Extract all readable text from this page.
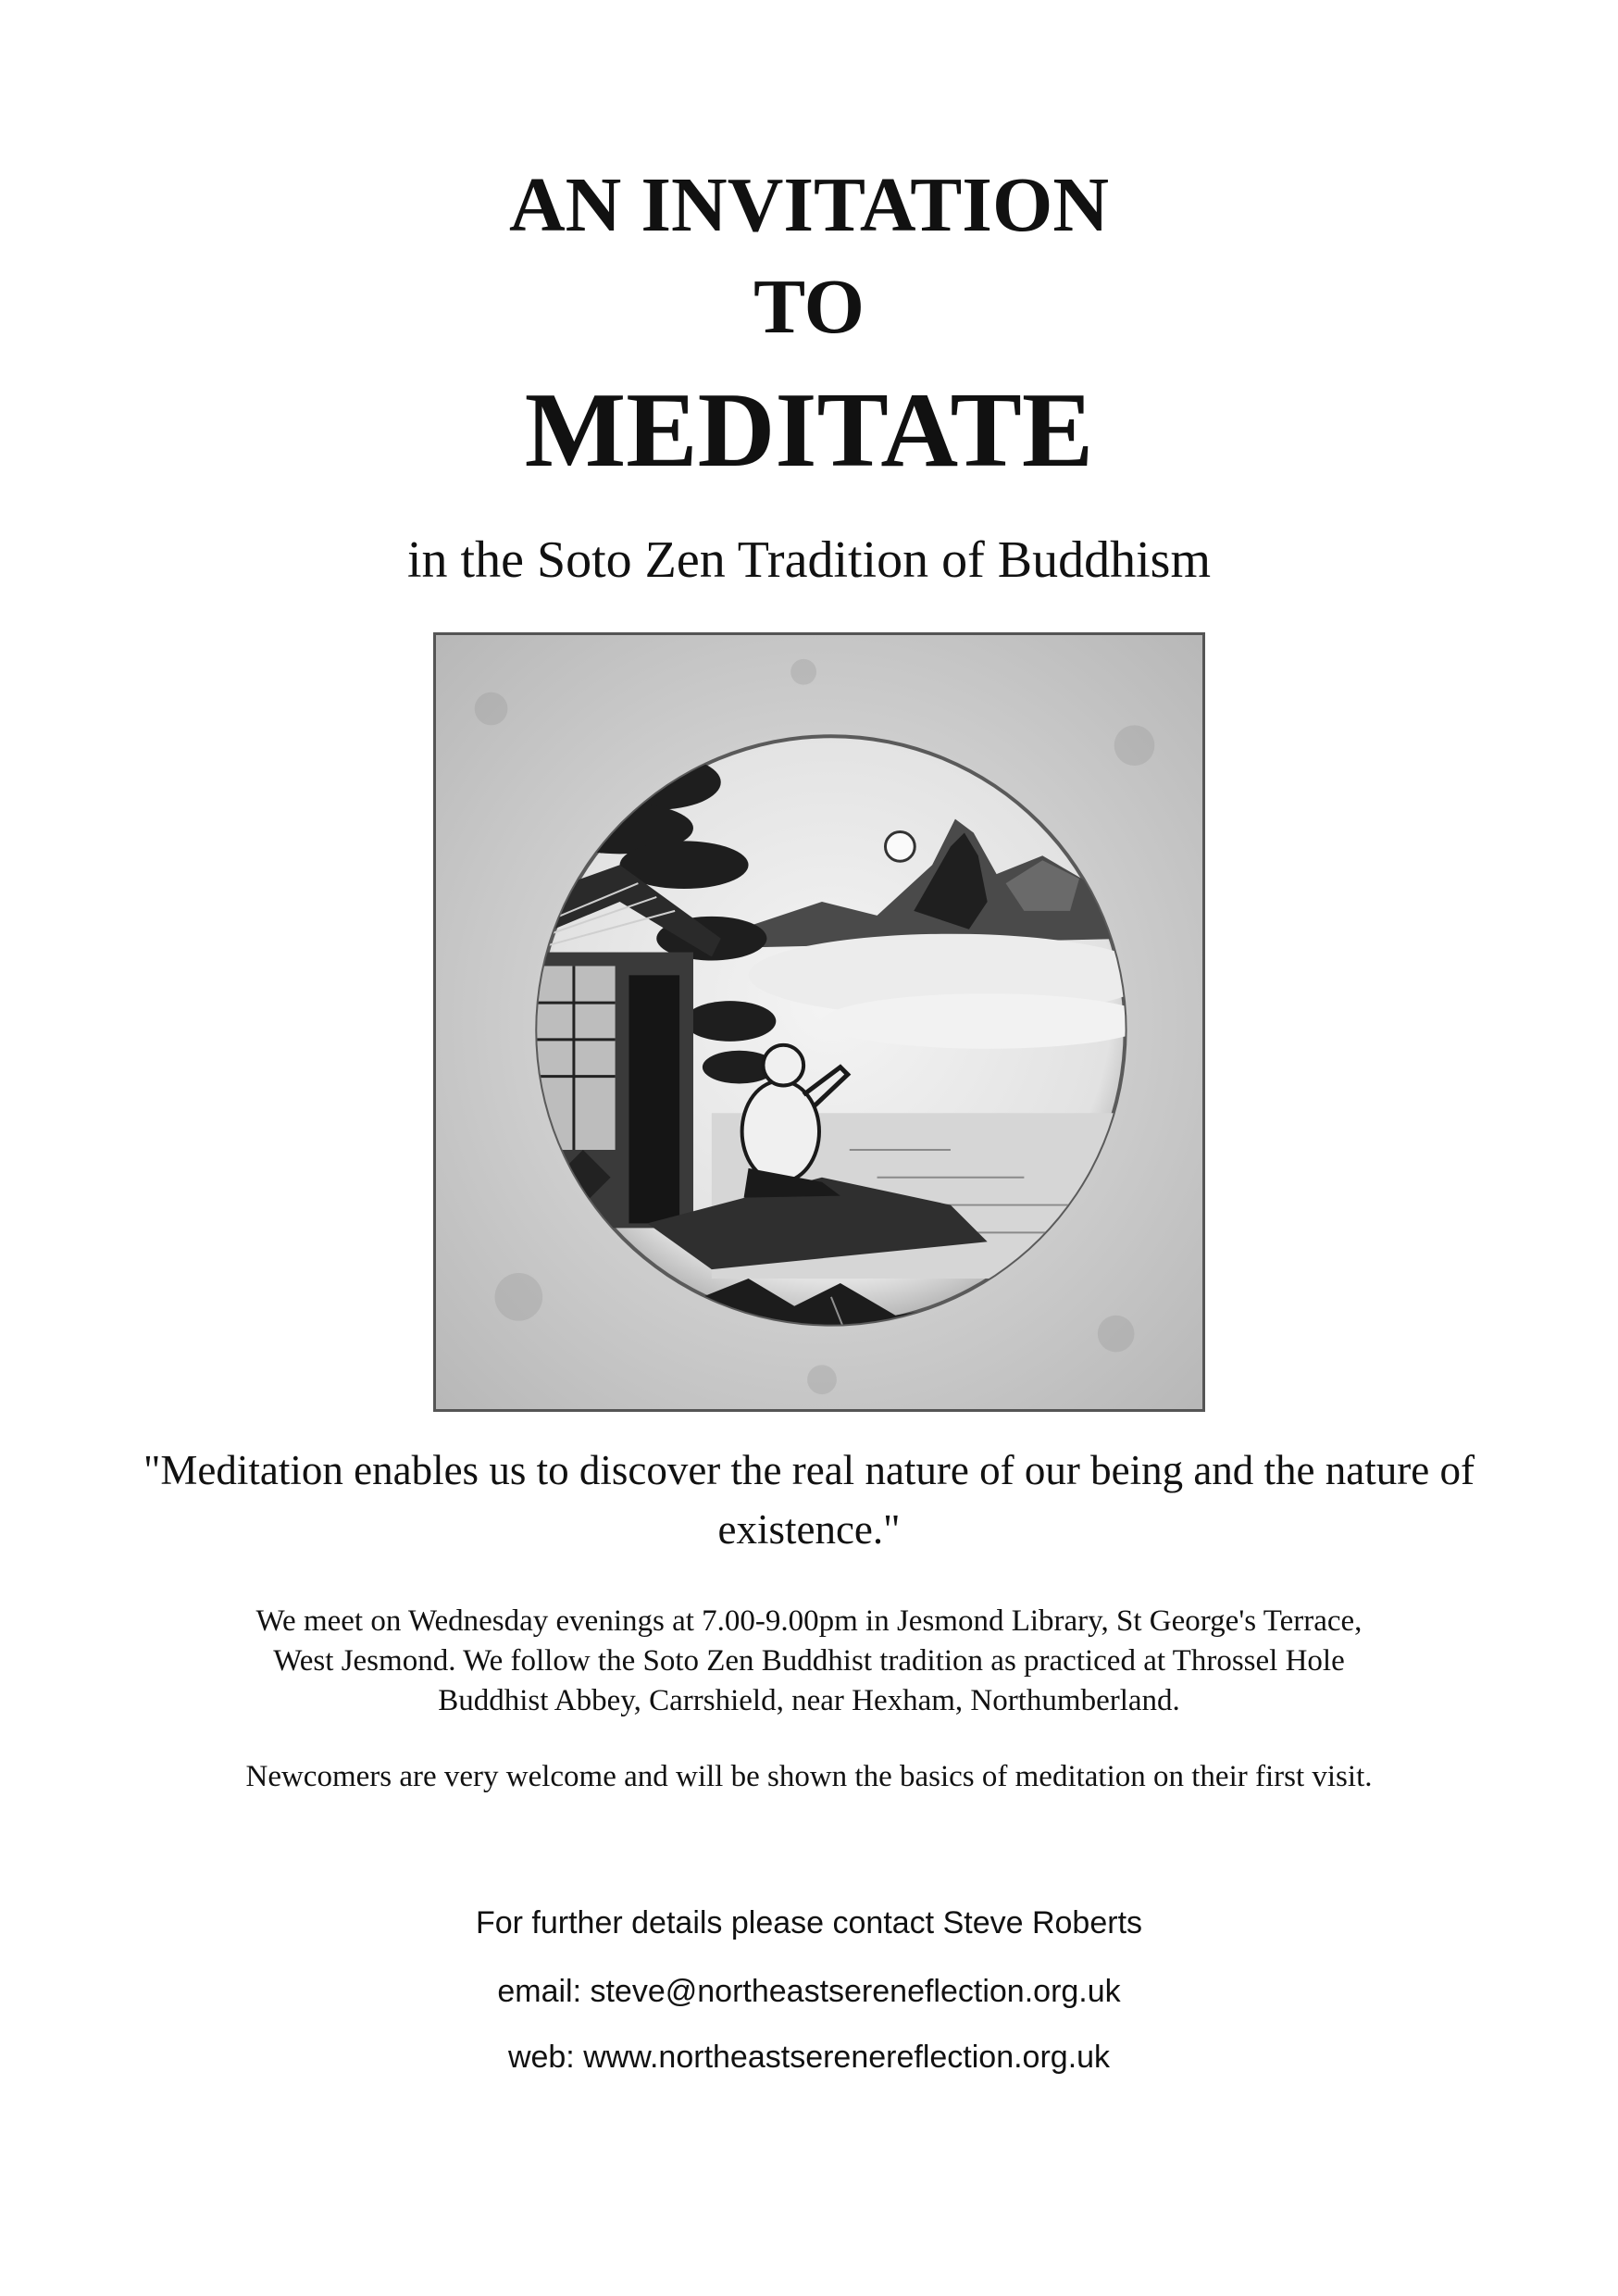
AN INVITATION
TO
MEDITATE
in the Soto Zen Tradition of Buddhism
"Meditation enables us to discover the real nature of our being and the nature of existence."
We meet on Wednesday evenings at 7.00-9.00pm in Jesmond Library, St George's Terrace, West Jesmond. We follow the Soto Zen Buddhist tradition as practiced at Throssel Hole Buddhist Abbey, Carrshield, near Hexham, Northumberland.
Newcomers are very welcome and will be shown the basics of meditation on their first visit.
For further details please contact Steve Roberts
email: steve@northeastsereneflection.org.uk
web: www.northeastserenereflection.org.uk
